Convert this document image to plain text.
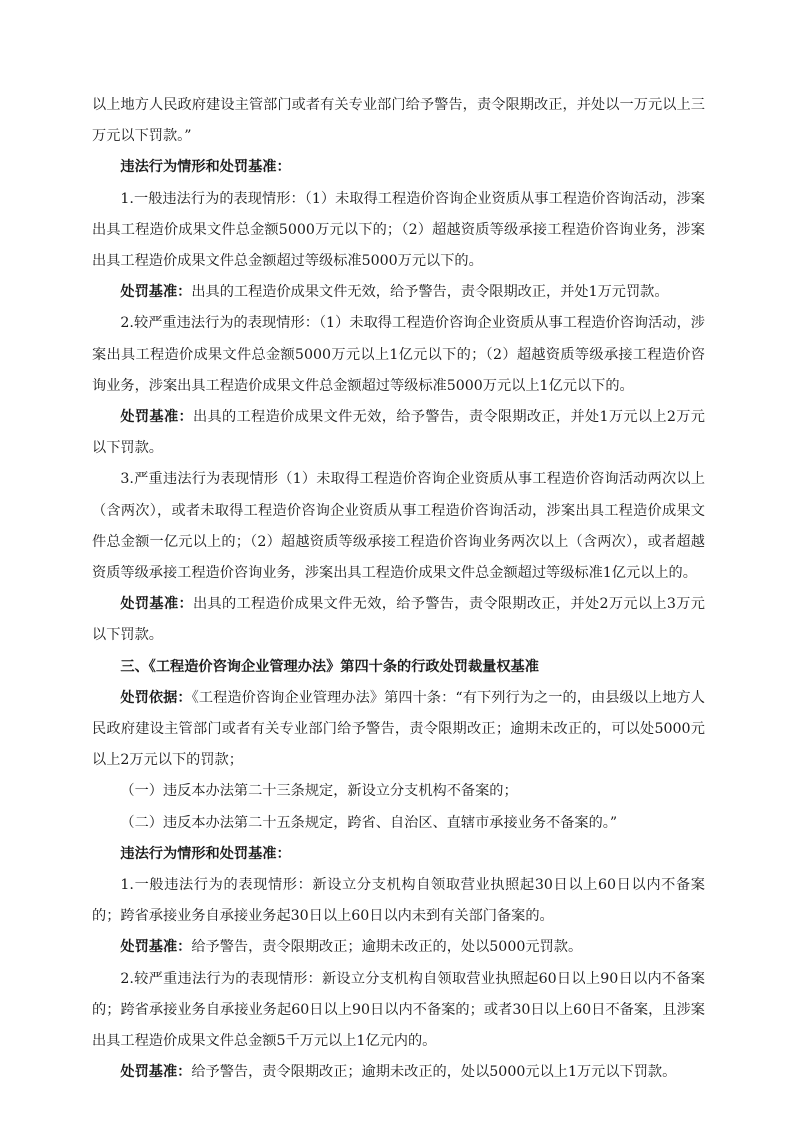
以上地方人民政府建设主管部门或者有关专业部门给予警告，责令限期改正，并处以一万元以上三万元以下罚款。”

违法行为情形和处罚基准：

1.一般违法行为的表现情形：（1）未取得工程造价咨询企业资质从事工程造价咨询活动，涉案出具工程造价成果文件总金额5000万元以下的；（2）超越资质等级承接工程造价咨询业务，涉案出具工程造价成果文件总金额超过等级标准5000万元以下的。

处罚基准：出具的工程造价成果文件无效，给予警告，责令限期改正，并处1万元罚款。

2.较严重违法行为的表现情形：（1）未取得工程造价咨询企业资质从事工程造价咨询活动，涉案出具工程造价成果文件总金额5000万元以上1亿元以下的；（2）超越资质等级承接工程造价咨询业务，涉案出具工程造价成果文件总金额超过等级标准5000万元以上1亿元以下的。

处罚基准：出具的工程造价成果文件无效，给予警告，责令限期改正，并处1万元以上2万元以下罚款。

3.严重违法行为表现情形（1）未取得工程造价咨询企业资质从事工程造价咨询活动两次以上（含两次），或者未取得工程造价咨询企业资质从事工程造价咨询活动，涉案出具工程造价成果文件总金额一亿元以上的；（2）超越资质等级承接工程造价咨询业务两次以上（含两次），或者超越资质等级承接工程造价咨询业务，涉案出具工程造价成果文件总金额超过等级标准1亿元以上的。

处罚基准：出具的工程造价成果文件无效，给予警告，责令限期改正，并处2万元以上3万元以下罚款。

三、《工程造价咨询企业管理办法》第四十条的行政处罚裁量权基准

处罚依据：《工程造价咨询企业管理办法》第四十条：“有下列行为之一的，由县级以上地方人民政府建设主管部门或者有关专业部门给予警告，责令限期改正；逾期未改正的，可以处5000元以上2万元以下的罚款；

（一）违反本办法第二十三条规定，新设立分支机构不备案的；

（二）违反本办法第二十五条规定，跨省、自治区、直辖市承接业务不备案的。”

违法行为情形和处罚基准：

1.一般违法行为的表现情形：新设立分支机构自领取营业执照起30日以上60日以内不备案的；跨省承接业务自承接业务起30日以上60日以内未到有关部门备案的。

处罚基准：给予警告，责令限期改正；逾期未改正的，处以5000元罚款。

2.较严重违法行为的表现情形：新设立分支机构自领取营业执照起60日以上90日以内不备案的；跨省承接业务自承接业务起60日以上90日以内不备案的；或者30日以上60日不备案，且涉案出具工程造价成果文件总金额5千万元以上1亿元内的。

处罚基准：给予警告，责令限期改正；逾期未改正的，处以5000元以上1万元以下罚款。
